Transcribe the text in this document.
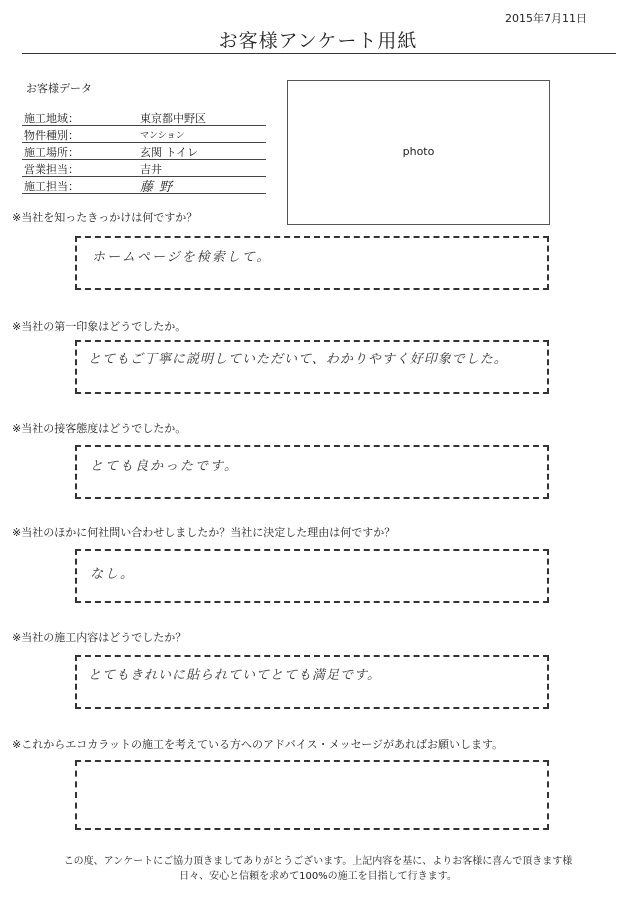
2015年7月11日
お客様アンケート用紙
お客様データ
施工地域：	東京都中野区
物件種別：	マンション
施工場所：	玄関 トイレ
営業担当：	吉井
施工担当：	藤野
photo
※当社を知ったきっかけは何ですか？
ホームページを検索して。
※当社の第一印象はどうでしたか。
とてもご丁寧に説明していただいて、わかりやすく好印象でした。
※当社の接客態度はどうでしたか。
とても良かったです。
※当社のほかに何社問い合わせしましたか？当社に決定した理由は何ですか？
なし。
※当社の施工内容はどうでしたか？
とてもきれいに貼られていてとても満足です。
※これからエコカラットの施工を考えている方へのアドバイス・メッセージがあればお願いします。
この度、アンケートにご協力頂きましてありがとうございます。上記内容を基に、よりお客様に喜んで頂きます様
日々、安心と信頼を求めて100%の施工を目指して行きます。
